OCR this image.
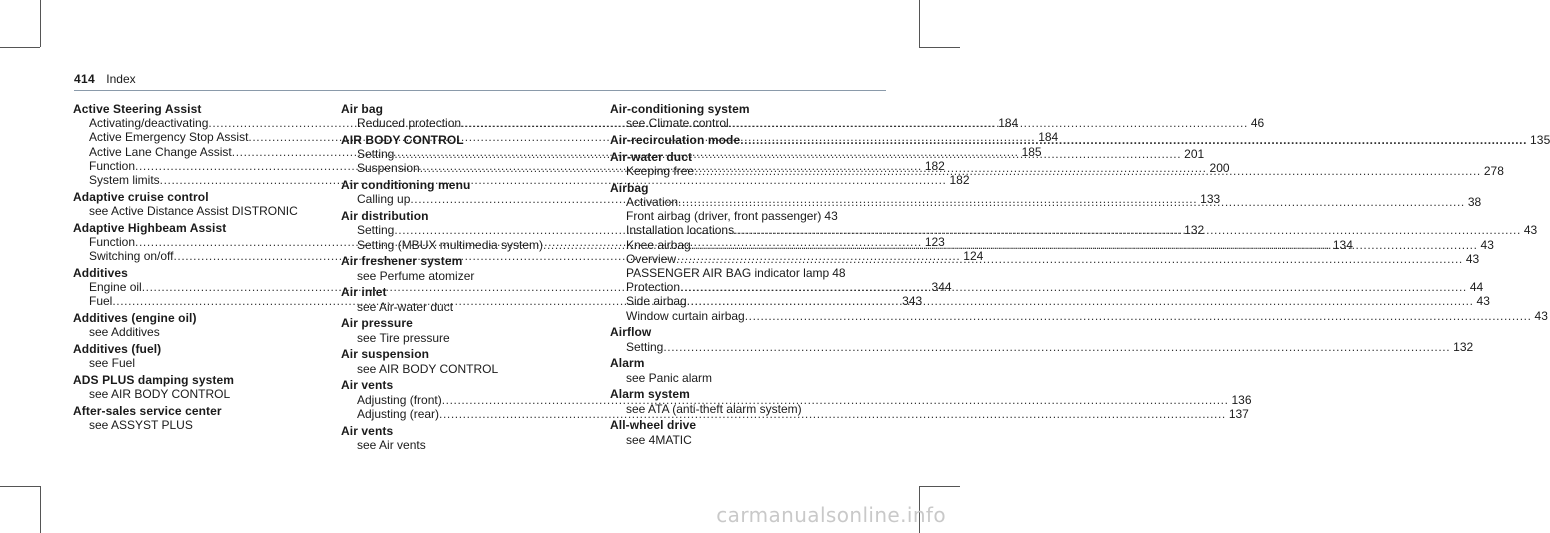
414 Index
Active Steering Assist
Activating/deactivating .....	184
Active Emergency Stop Assist .....	184
Active Lane Change Assist .....	185
Function .....	182
System limits .....	182
Adaptive cruise control
see Active Distance Assist DISTRONIC
Adaptive Highbeam Assist
Function .....	123
Switching on/off .....	124
Additives
Engine oil .....	344
Fuel .....	343
Additives (engine oil)
see Additives
Additives (fuel)
see Fuel
ADS PLUS damping system
see AIR BODY CONTROL
After-sales service center
see ASSYST PLUS
Air bag
Reduced protection .....	46
AIR BODY CONTROL
Setting .....	201
Suspension .....	200
Air conditioning menu
Calling up .....	133
Air distribution
Setting .....	132
Setting (MBUX multimedia system) .....	134
Air freshener system
see Perfume atomizer
Air inlet
see Air-water duct
Air pressure
see Tire pressure
Air suspension
see AIR BODY CONTROL
Air vents
Adjusting (front) .....	136
Adjusting (rear) .....	137
Air vents
see Air vents
Air-conditioning system
see Climate control
Air-recirculation mode .....	135
Air-water duct
Keeping free .....	278
Airbag
Activation .....	38
Front airbag (driver, front passenger) 43
Installation locations .....	43
Knee airbag .....	43
Overview .....	43
PASSENGER AIR BAG indicator lamp 48
Protection .....	44
Side airbag .....	43
Window curtain airbag .....	43
Airflow
Setting .....	132
Alarm
see Panic alarm
Alarm system
see ATA (anti-theft alarm system)
All-wheel drive
see 4MATIC
carmanualsonline.info
